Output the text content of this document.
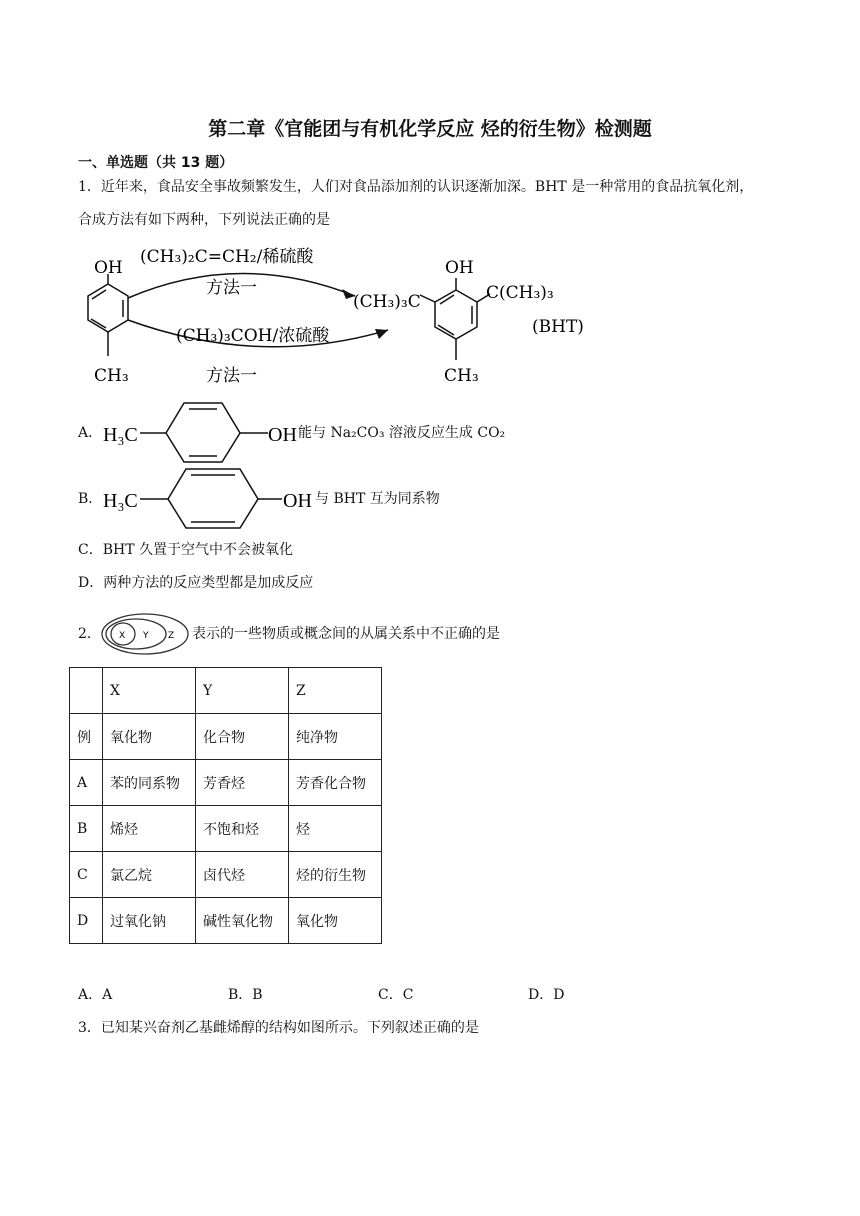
第二章《官能团与有机化学反应 烃的衍生物》检测题
一、单选题（共 13 题）
1．近年来，食品安全事故频繁发生，人们对食品添加剂的认识逐渐加深。BHT 是一种常用的食品抗氧化剂，
合成方法有如下两种，下列说法正确的是
OH
CH₃
(CH₃)₂C=CH₂/稀硫酸
方法一
(CH₃)₃COH/浓硫酸
方法一
OH
(CH₃)₃C	C(CH₃)₃
CH₃
(BHT)
A． H₃C	OH 能与 Na₂CO₃ 溶液反应生成 CO₂
B． H₃C	OH 与 BHT 互为同系物
C．BHT 久置于空气中不会被氧化
D．两种方法的反应类型都是加成反应
2． X Y Z 表示的一些物质或概念间的从属关系中不正确的是
	X	Y	Z
例	氧化物	化合物	纯净物
A	苯的同系物	芳香烃	芳香化合物
B	烯烃	不饱和烃	烃
C	氯乙烷	卤代烃	烃的衍生物
D	过氧化钠	碱性氧化物	氧化物
A．A	B．B	C．C	D．D
3．已知某兴奋剂乙基雌烯醇的结构如图所示。下列叙述正确的是
